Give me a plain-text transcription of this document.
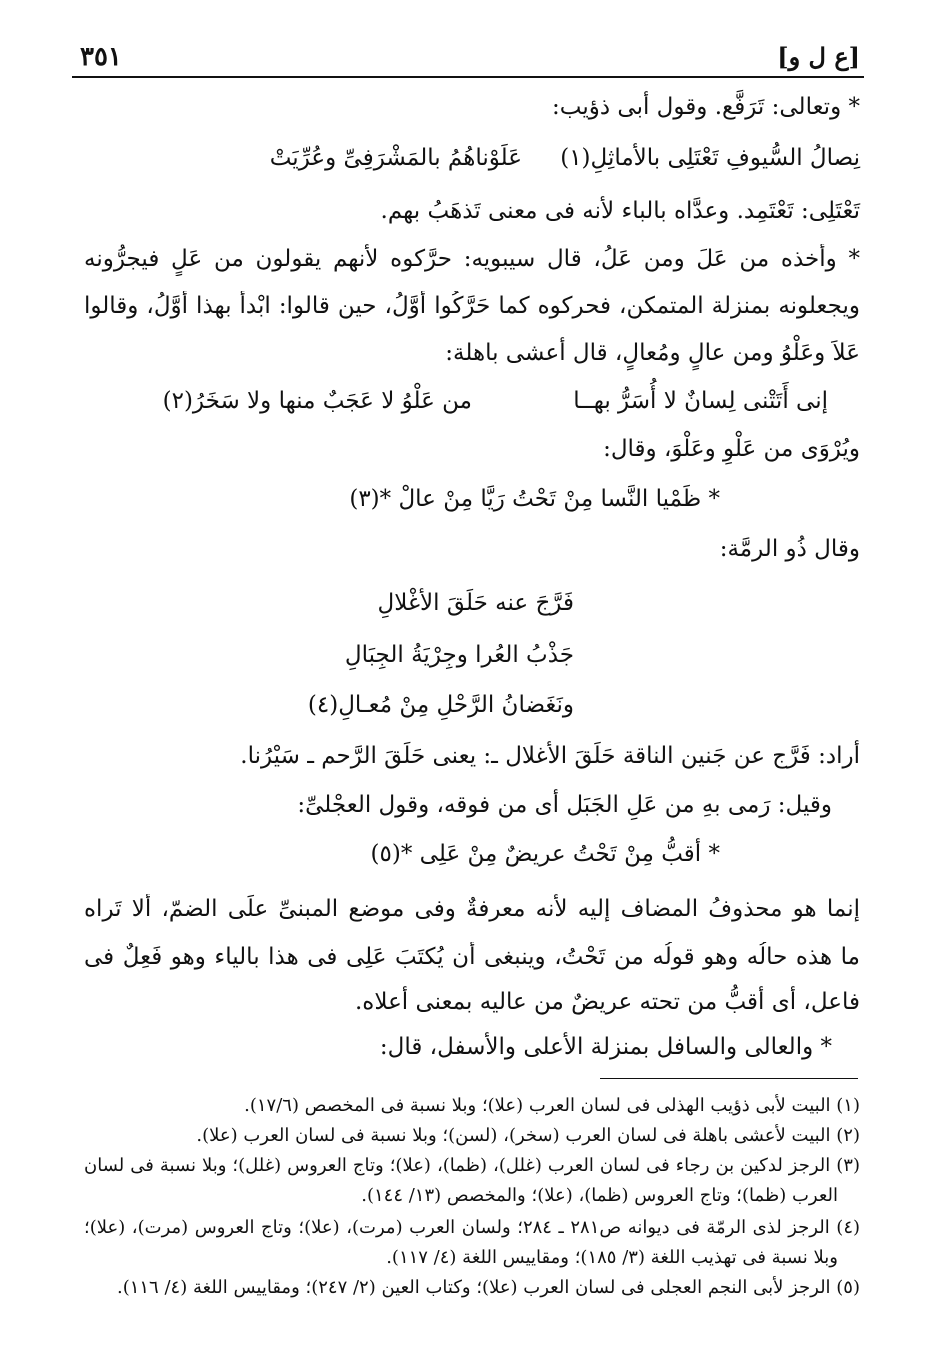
٣٥١	[ع ل و]
* وتعالى: تَرَفَّع. وقول أبى ذؤيب:
عَلَوْناهُمُ بالمَشْرَفِىِّ وعُرِّيَتْ نِصالُ السُّيوفِ تَعْتَلِى بالأماثِلِ(١)
تَعْتَلِى: تَعْتَمِد. وعدَّاه بالباء لأنه فى معنى تَذهَبُ بهم.
* وأخذه من عَلَ ومن عَلُ، قال سيبويه: حرَّكوه لأنهم يقولون من عَلٍ فيجرُّونه
ويجعلونه بمنزلة المتمكن، فحركوه كما حَرَّكُوا أَوَّلُ، حين قالوا: ابْدأْ بهذا أوَّلُ، وقالوا
عَلاَ وعَلْوُ ومن عالٍ ومُعالٍ، قال أعشى باهلة:
إنى أَتَتْنى لِسانٌ لا أُسَرُّ بهــا
من عَلْوُ لا عَجَبٌ منها ولا سَخَرُ(٢)
ويُرْوَى من عَلْوِ وعَلْوَ، وقال:
* ظَمْيا النَّسا مِنْ تَحْتُ رَيَّا مِنْ عالْ *(٣)
وقال ذُو الرمَّة:
فَرَّجَ عنه حَلَقَ الأغْلالِ
جَذْبُ العُرا وجِرْيَةُ الجِبَالِ
ونَغَضانُ الرَّحْلِ مِنْ مُعـالِ(٤)
أراد: فَرَّج عن جَنين الناقة حَلَقَ الأغلال ـ: يعنى حَلَقَ الرَّحم ـ سَيْرُنا.
وقيل: رَمى بهِ من عَلِ الجَبَل أى من فوقه، وقول العجْلىِّ:
* أقبُّ مِنْ تَحْتُ عريضٌ مِنْ عَلِى *(٥)
إنما هو محذوفُ المضاف إليه لأنه معرفةٌ وفى موضع المبنىِّ علَى الضمّ، ألا تَراه
ما هذه حالُه وهو قولُه من تَحْتُ، وينبغى أن يُكتَبَ عَلِى فى هذا بالياء وهو فَعِلٌ فى
فاعل، أى أقبُّ من تحته عريضٌ من عاليه بمعنى أعلاه.
* والعالى والسافل بمنزلة الأعلى والأسفل، قال:
(١) البيت لأبى ذؤيب الهذلى فى لسان العرب (علا)؛ وبلا نسبة فى المخصص (١٧/٦).
(٢) البيت لأعشى باهلة فى لسان العرب (سخر)، (لسن)؛ وبلا نسبة فى لسان العرب (علا).
(٣) الرجز لدكين بن رجاء فى لسان العرب (غلل)، (ظما)، (علا)؛ وتاج العروس (غلل)؛ وبلا نسبة فى لسان
العرب (ظما)؛ وتاج العروس (ظما)، (علا)؛ والمخصص (١٣/ ١٤٤).
(٤) الرجز لذى الرمّة فى ديوانه ص٢٨١ ـ ٢٨٤؛ ولسان العرب (مرت)، (علا)؛ وتاج العروس (مرت)، (علا)؛
وبلا نسبة فى تهذيب اللغة (٣/ ١٨٥)؛ ومقاييس اللغة (٤/ ١١٧).
(٥) الرجز لأبى النجم العجلى فى لسان العرب (علا)؛ وكتاب العين (٢/ ٢٤٧)؛ ومقاييس اللغة (٤/ ١١٦).
